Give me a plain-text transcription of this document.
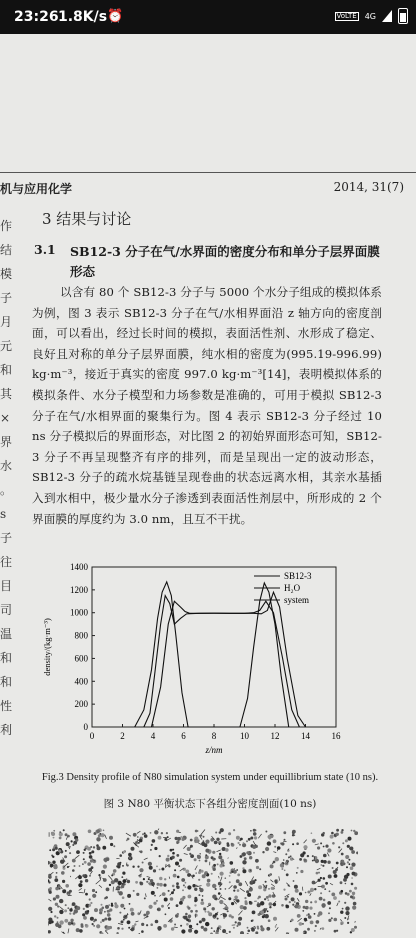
23:26 1.8K/s ⏰	VoLTE 4G
作
结
模
子
月
元
和
其
×
界
水
。
s
子
往
目
司
温
和
和
性
利
机与应用化学	2014, 31(7)
3 结果与讨论
3.1 SB12-3 分子在气/水界面的密度分布和单分子层界面膜形态

以含有 80 个 SB12-3 分子与 5000 个水分子组成的模拟体系为例，图 3 表示 SB12-3 分子在气/水相界面沿 z 轴方向的密度剖面，可以看出，经过长时间的模拟，表面活性剂、水形成了稳定、良好且对称的单分子层界面膜，纯水相的密度为(995.19-996.99) kg·m⁻³，接近于真实的密度 997.0 kg·m⁻³[14]，表明模拟体系的模拟条件、水分子模型和力场参数是准确的，可用于模拟 SB12-3 分子在气/水相界面的聚集行为。图 4 表示 SB12-3 分子经过 10 ns 分子模拟后的界面形态，对比图 2 的初始界面形态可知，SB12-3 分子不再呈现整齐有序的排列，而是呈现出一定的波动形态，SB12-3 分子的疏水烷基链呈现卷曲的状态远离水相，其亲水基插入到水相中，极少量水分子渗透到表面活性剂层中，所形成的 2 个界面膜的厚度约为 3.0 nm，且互不干扰。

0	2	4	6	8	10 12 14 16
0
200
400
600
800
1000
1200
1400
z/nm
density/(kg·m⁻³)
SB12-3
H₂O
system
Fig.3 Density profile of N80 simulation system under equillibrium state (10 ns).
图 3 N80 平衡状态下各组分密度剖面(10 ns)
